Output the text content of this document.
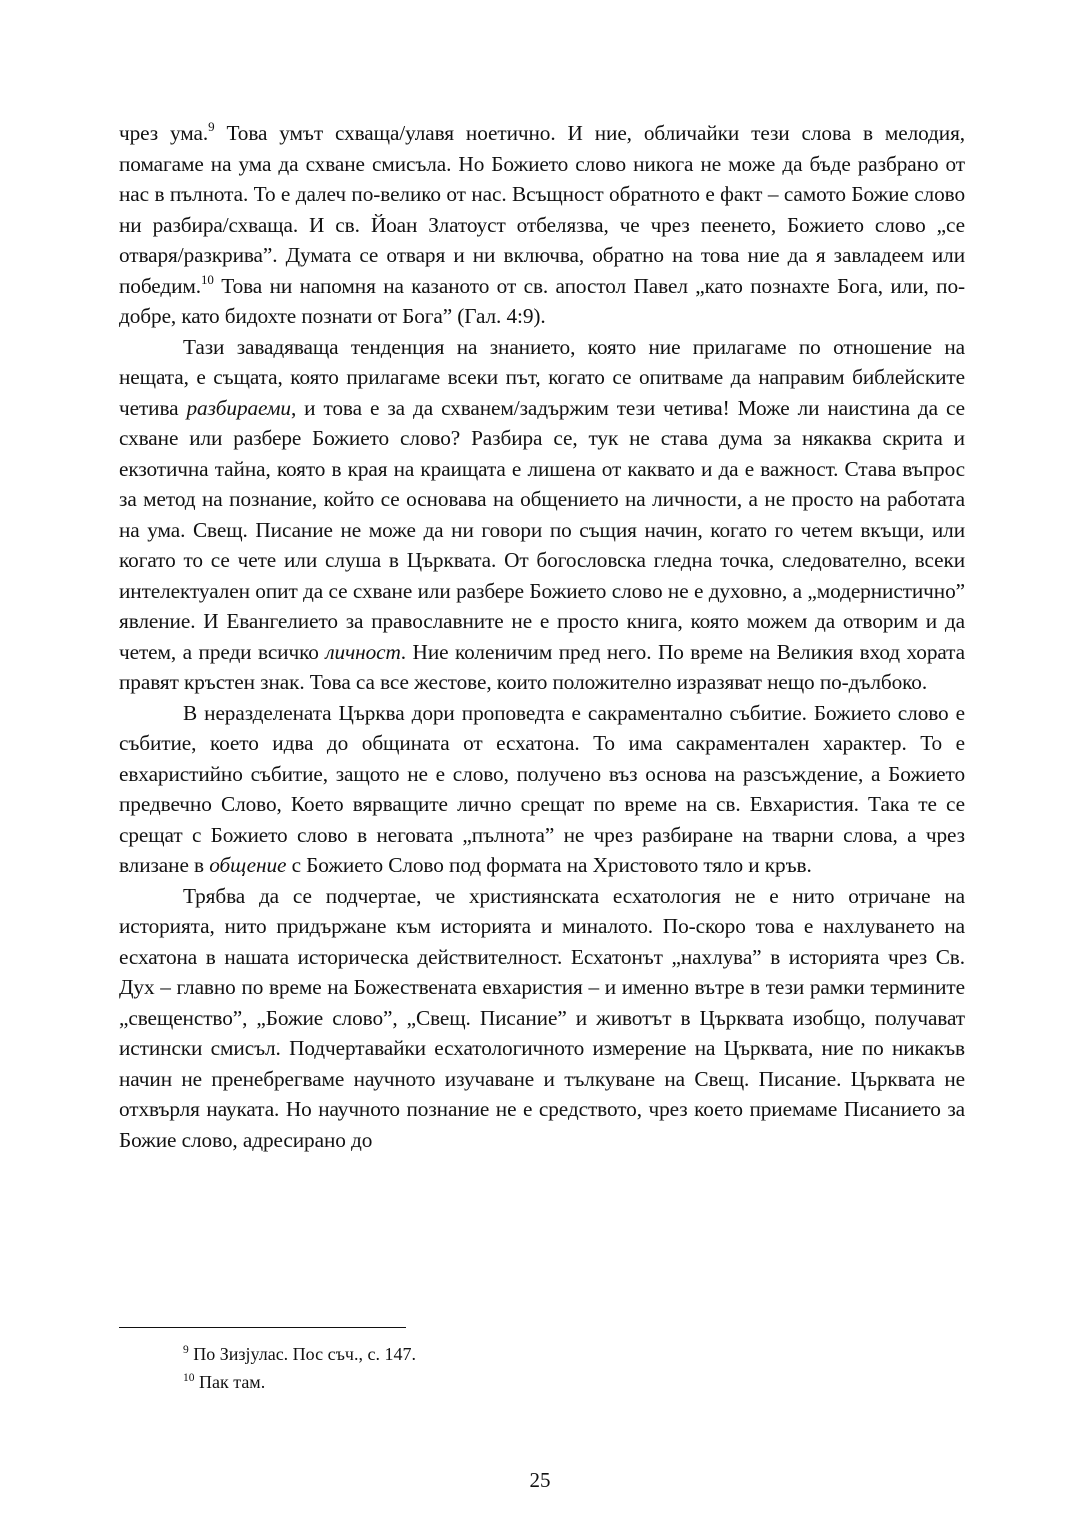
чрез ума.$^9$ Това умът схваща/улавя ноетично. И ние, обличайки тези слова в мелодия, помагаме на ума да схване смисъла. Но Божието слово никога не може да бъде разбрано от нас в пълнота. То е далеч по-велико от нас. Всъщност обратното е факт – самото Божие слово ни разбира/схваща. И св. Йоан Златоуст отбелязва, че чрез пеенето, Божието слово „се отваря/разкрива”. Думата се отваря и ни включва, обратно на това ние да я завладеем или победим.$^{10}$ Това ни напомня на казаното от св. апостол Павел „като познахте Бога, или, по-добре, като бидохте познати от Бога” (Гал. 4:9).

Тази завадяваща тенденция на знанието, която ние прилагаме по отношение на нещата, е същата, която прилагаме всеки път, когато се опитваме да направим библейските четива разбираеми, и това е за да схванем/задържим тези четива! Може ли наистина да се схване или разбере Божието слово? Разбира се, тук не става дума за някаква скрита и екзотична тайна, която в края на краищата е лишена от каквато и да е важност. Става въпрос за метод на познание, който се основава на общението на личности, а не просто на работата на ума. Свещ. Писание не може да ни говори по същия начин, когато го четем вкъщи, или когато то се чете или слуша в Църквата. От богословска гледна точка, следователно, всеки интелектуален опит да се схване или разбере Божието слово не е духовно, а „модернистично” явление. И Евангелието за православните не е просто книга, която можем да отворим и да четем, а преди всичко личност. Ние коленичим пред него. По време на Великия вход хората правят кръстен знак. Това са все жестове, които положително изразяват нещо по-дълбоко.

В неразделената Църква дори проповедта е сакраментално събитие. Божието слово е събитие, което идва до общината от есхатона. То има сакраментален характер. То е евхаристийно събитие, защото не е слово, получено въз основа на разсъждение, а Божието предвечно Слово, Което вярващите лично срещат по време на св. Евхаристия. Така те се срещат с Божието слово в неговата „пълнота” не чрез разбиране на тварни слова, а чрез влизане в общение с Божието Слово под формата на Христовото тяло и кръв.

Трябва да се подчертае, че християнската есхатология не е нито отричане на историята, нито придържане към историята и миналото. По-скоро това е нахлуването на есхатона в нашата историческа действителност. Есхатонът „нахлува” в историята чрез Св. Дух – главно по време на Божествената евхаристия – и именно вътре в тези рамки термините „свещенство”, „Божие слово”, „Свещ. Писание” и животът в Църквата изобщо, получават истински смисъл. Подчертавайки есхатологичното измерение на Църквата, ние по никакъв начин не пренебрегваме научното изучаване и тълкуване на Свещ. Писание. Църквата не отхвърля науката. Но научното познание не е средството, чрез което приемаме Писанието за Божие слово, адресирано до

$^9$ По Зизјулас. Пос съч., с. 147.
$^{10}$ Пак там.
25
